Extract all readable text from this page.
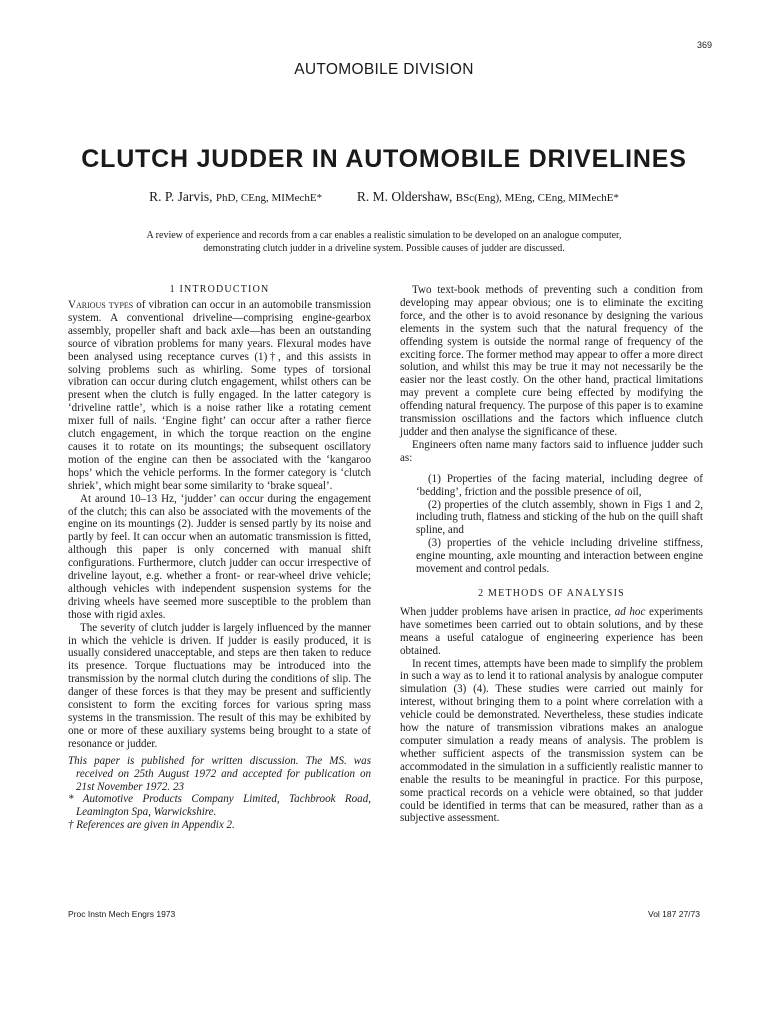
369
AUTOMOBILE DIVISION
CLUTCH JUDDER IN AUTOMOBILE DRIVELINES
R. P. Jarvis, PhD, CEng, MIMechE*	R. M. Oldershaw, BSc(Eng), MEng, CEng, MIMechE*
A review of experience and records from a car enables a realistic simulation to be developed on an analogue computer, demonstrating clutch judder in a driveline system. Possible causes of judder are discussed.
1 INTRODUCTION

Various types of vibration can occur in an automobile transmission system. A conventional driveline—comprising engine-gearbox assembly, propeller shaft and back axle—has been an outstanding source of vibration problems for many years. Flexural modes have been analysed using receptance curves (1)†, and this assists in solving problems such as whirling. Some types of torsional vibration can occur during clutch engagement, whilst others can be present when the clutch is fully engaged. In the latter category is ‘driveline rattle’, which is a noise rather like a rotating cement mixer full of nails. ‘Engine fight’ can occur after a rather fierce clutch engagement, in which the torque reaction on the engine causes it to rotate on its mountings; the subsequent oscillatory motion of the engine can then be associated with the ‘kangaroo hops’ which the vehicle performs. In the former category is ‘clutch shriek’, which might bear some similarity to ‘brake squeal’.

At around 10–13 Hz, ‘judder’ can occur during the engagement of the clutch; this can also be associated with the movements of the engine on its mountings (2). Judder is sensed partly by its noise and partly by feel. It can occur when an automatic transmission is fitted, although this paper is only concerned with manual shift configurations. Furthermore, clutch judder can occur irrespective of driveline layout, e.g. whether a front- or rear-wheel drive vehicle; although vehicles with independent suspension systems for the driving wheels have seemed more susceptible to the problem than those with rigid axles.

The severity of clutch judder is largely influenced by the manner in which the vehicle is driven. If judder is easily produced, it is usually considered unacceptable, and steps are then taken to reduce its presence. Torque fluctuations may be introduced into the transmission by the normal clutch during the conditions of slip. The danger of these forces is that they may be present and sufficiently consistent to form the exciting forces for various spring mass systems in the transmission. The result of this may be exhibited by one or more of these auxiliary systems being brought to a state of resonance or judder.

This paper is published for written discussion. The MS. was received on 25th August 1972 and accepted for publication on 21st November 1972. 23

* Automotive Products Company Limited, Tachbrook Road, Leamington Spa, Warwickshire.

† References are given in Appendix 2.

Two text-book methods of preventing such a condition from developing may appear obvious; one is to eliminate the exciting force, and the other is to avoid resonance by designing the various elements in the system such that the natural frequency of the offending system is outside the normal range of frequency of the exciting force. The former method may appear to offer a more direct solution, and whilst this may be true it may not necessarily be the easier nor the least costly. On the other hand, practical limitations may prevent a complete cure being effected by modifying the offending natural frequency. The purpose of this paper is to examine transmission oscillations and the factors which influence clutch judder and then analyse the significance of these.

Engineers often name many factors said to influence judder such as:

(1) Properties of the facing material, including degree of ‘bedding’, friction and the possible presence of oil,

(2) properties of the clutch assembly, shown in Figs 1 and 2, including truth, flatness and sticking of the hub on the quill shaft spline, and

(3) properties of the vehicle including driveline stiffness, engine mounting, axle mounting and interaction between engine movement and control pedals.

2 METHODS OF ANALYSIS

When judder problems have arisen in practice, ad hoc experiments have sometimes been carried out to obtain solutions, and by these means a useful catalogue of engineering experience has been obtained.

In recent times, attempts have been made to simplify the problem in such a way as to lend it to rational analysis by analogue computer simulation (3) (4). These studies were carried out mainly for interest, without bringing them to a point where correlation with a vehicle could be demonstrated. Nevertheless, these studies indicate how the nature of transmission vibrations makes an analogue computer simulation a ready means of analysis. The problem is whether sufficient aspects of the transmission system can be accommodated in the simulation in a sufficiently realistic manner to enable the results to be meaningful in practice. For this purpose, some practical records on a vehicle were obtained, so that judder could be identified in terms that can be measured, rather than as a subjective assessment.

Proc Instn Mech Engrs 1973	Vol 187 27/73
